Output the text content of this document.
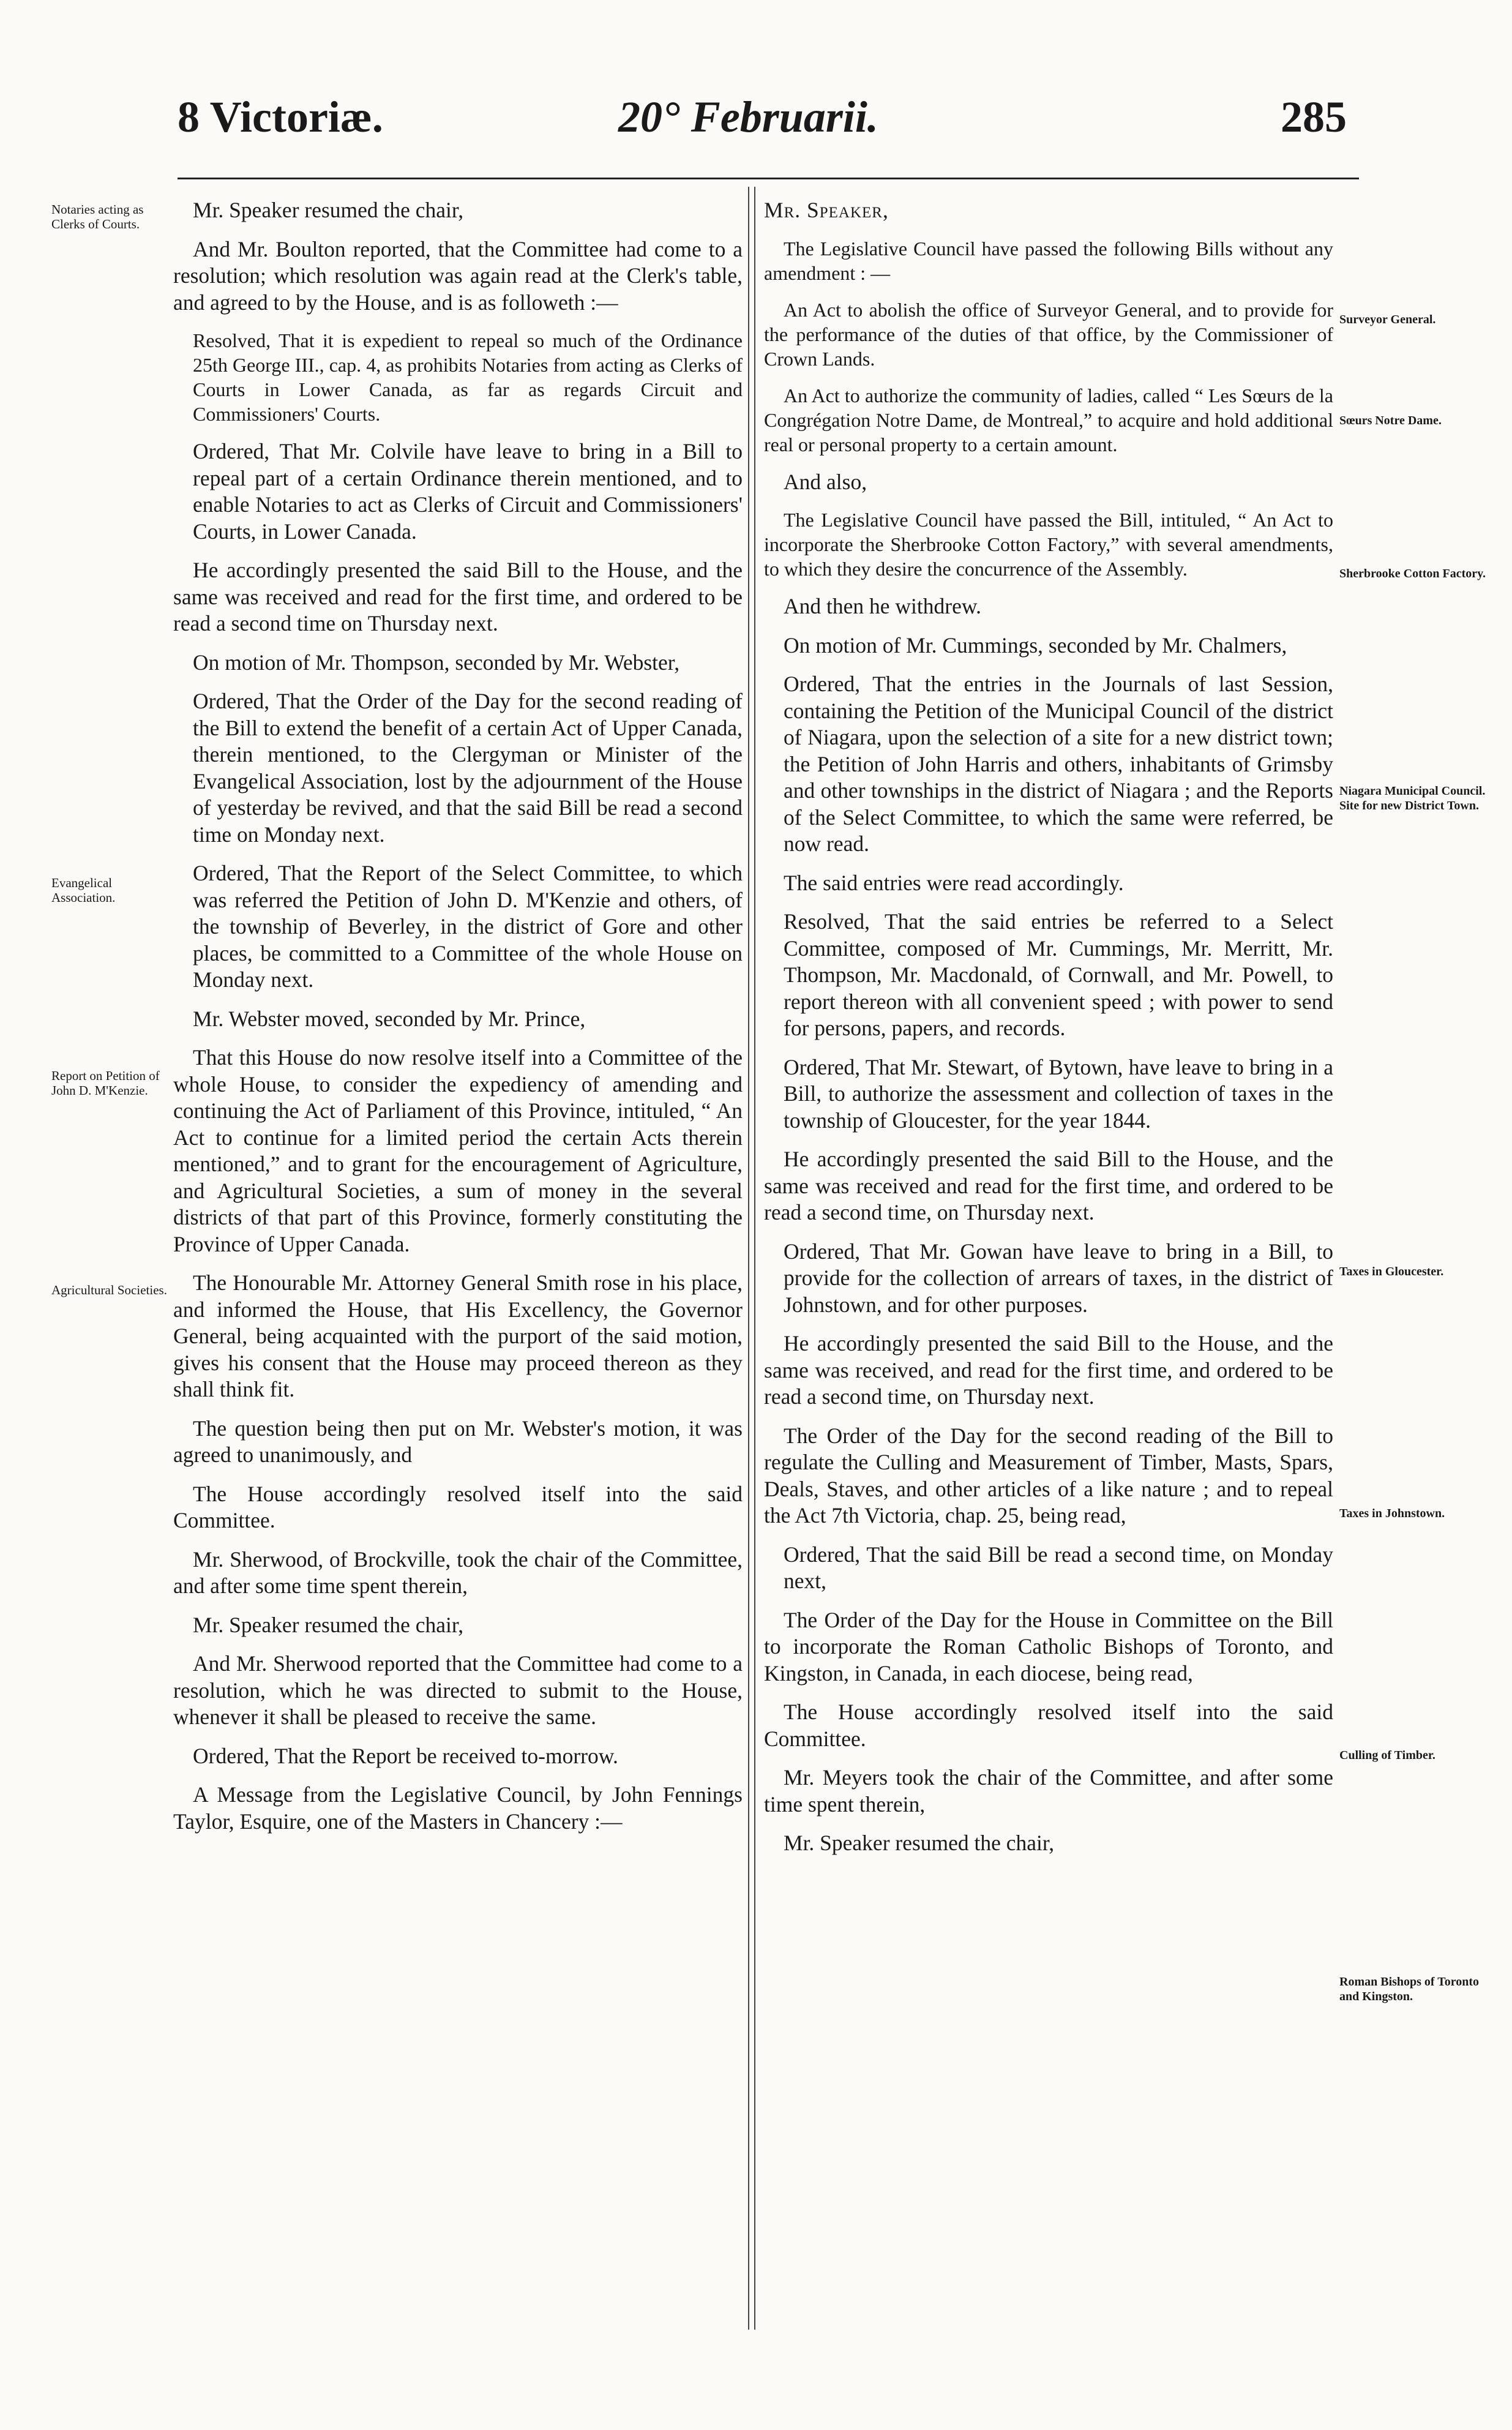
8 Victoriæ.	20° Februarii.	285
Notaries acting as Clerks of Courts.
Evangelical Association.
Report on Petition of John D. M'Kenzie.
Agricultural Societies.
Surveyor General.
Sœurs Notre Dame.
Sherbrooke Cotton Factory.
Niagara Municipal Council. Site for new District Town.
Taxes in Gloucester.
Taxes in Johnstown.
Culling of Timber.
Roman Bishops of Toronto and Kingston.

Mr. Speaker resumed the chair,

And Mr. Boulton reported, that the Committee had come to a resolution; which resolution was again read at the Clerk's table, and agreed to by the House, and is as followeth :—

Resolved, That it is expedient to repeal so much of the Ordinance 25th George III., cap. 4, as prohibits Notaries from acting as Clerks of Courts in Lower Canada, as far as regards Circuit and Commissioners' Courts.

Ordered, That Mr. Colvile have leave to bring in a Bill to repeal part of a certain Ordinance therein mentioned, and to enable Notaries to act as Clerks of Circuit and Commissioners' Courts, in Lower Canada.

He accordingly presented the said Bill to the House, and the same was received and read for the first time, and ordered to be read a second time on Thursday next.

On motion of Mr. Thompson, seconded by Mr. Webster,

Ordered, That the Order of the Day for the second reading of the Bill to extend the benefit of a certain Act of Upper Canada, therein mentioned, to the Clergyman or Minister of the Evangelical Association, lost by the adjournment of the House of yesterday be revived, and that the said Bill be read a second time on Monday next.

Ordered, That the Report of the Select Committee, to which was referred the Petition of John D. M'Kenzie and others, of the township of Beverley, in the district of Gore and other places, be committed to a Committee of the whole House on Monday next.

Mr. Webster moved, seconded by Mr. Prince,

That this House do now resolve itself into a Committee of the whole House, to consider the expediency of amending and continuing the Act of Parliament of this Province, intituled, “ An Act to continue for a limited period the certain Acts therein mentioned,” and to grant for the encouragement of Agriculture, and Agricultural Societies, a sum of money in the several districts of that part of this Province, formerly constituting the Province of Upper Canada.

The Honourable Mr. Attorney General Smith rose in his place, and informed the House, that His Excellency, the Governor General, being acquainted with the purport of the said motion, gives his consent that the House may proceed thereon as they shall think fit.

The question being then put on Mr. Webster's motion, it was agreed to unanimously, and

The House accordingly resolved itself into the said Committee.

Mr. Sherwood, of Brockville, took the chair of the Committee, and after some time spent therein,

Mr. Speaker resumed the chair,

And Mr. Sherwood reported that the Committee had come to a resolution, which he was directed to submit to the House, whenever it shall be pleased to receive the same.

Ordered, That the Report be received to-morrow.

A Message from the Legislative Council, by John Fennings Taylor, Esquire, one of the Masters in Chancery :—

Mr. Speaker,

The Legislative Council have passed the following Bills without any amendment : —

An Act to abolish the office of Surveyor General, and to provide for the performance of the duties of that office, by the Commissioner of Crown Lands.

An Act to authorize the community of ladies, called “ Les Sœurs de la Congrégation Notre Dame, de Montreal,” to acquire and hold additional real or personal property to a certain amount.

And also,

The Legislative Council have passed the Bill, intituled, “ An Act to incorporate the Sherbrooke Cotton Factory,” with several amendments, to which they desire the concurrence of the Assembly.

And then he withdrew.

On motion of Mr. Cummings, seconded by Mr. Chalmers,

Ordered, That the entries in the Journals of last Session, containing the Petition of the Municipal Council of the district of Niagara, upon the selection of a site for a new district town; the Petition of John Harris and others, inhabitants of Grimsby and other townships in the district of Niagara ; and the Reports of the Select Committee, to which the same were referred, be now read.

The said entries were read accordingly.

Resolved, That the said entries be referred to a Select Committee, composed of Mr. Cummings, Mr. Merritt, Mr. Thompson, Mr. Macdonald, of Cornwall, and Mr. Powell, to report thereon with all convenient speed ; with power to send for persons, papers, and records.

Ordered, That Mr. Stewart, of Bytown, have leave to bring in a Bill, to authorize the assessment and collection of taxes in the township of Gloucester, for the year 1844.

He accordingly presented the said Bill to the House, and the same was received and read for the first time, and ordered to be read a second time, on Thursday next.

Ordered, That Mr. Gowan have leave to bring in a Bill, to provide for the collection of arrears of taxes, in the district of Johnstown, and for other purposes.

He accordingly presented the said Bill to the House, and the same was received, and read for the first time, and ordered to be read a second time, on Thursday next.

The Order of the Day for the second reading of the Bill to regulate the Culling and Measurement of Timber, Masts, Spars, Deals, Staves, and other articles of a like nature ; and to repeal the Act 7th Victoria, chap. 25, being read,

Ordered, That the said Bill be read a second time, on Monday next,

The Order of the Day for the House in Committee on the Bill to incorporate the Roman Catholic Bishops of Toronto, and Kingston, in Canada, in each diocese, being read,

The House accordingly resolved itself into the said Committee.

Mr. Meyers took the chair of the Committee, and after some time spent therein,

Mr. Speaker resumed the chair,
